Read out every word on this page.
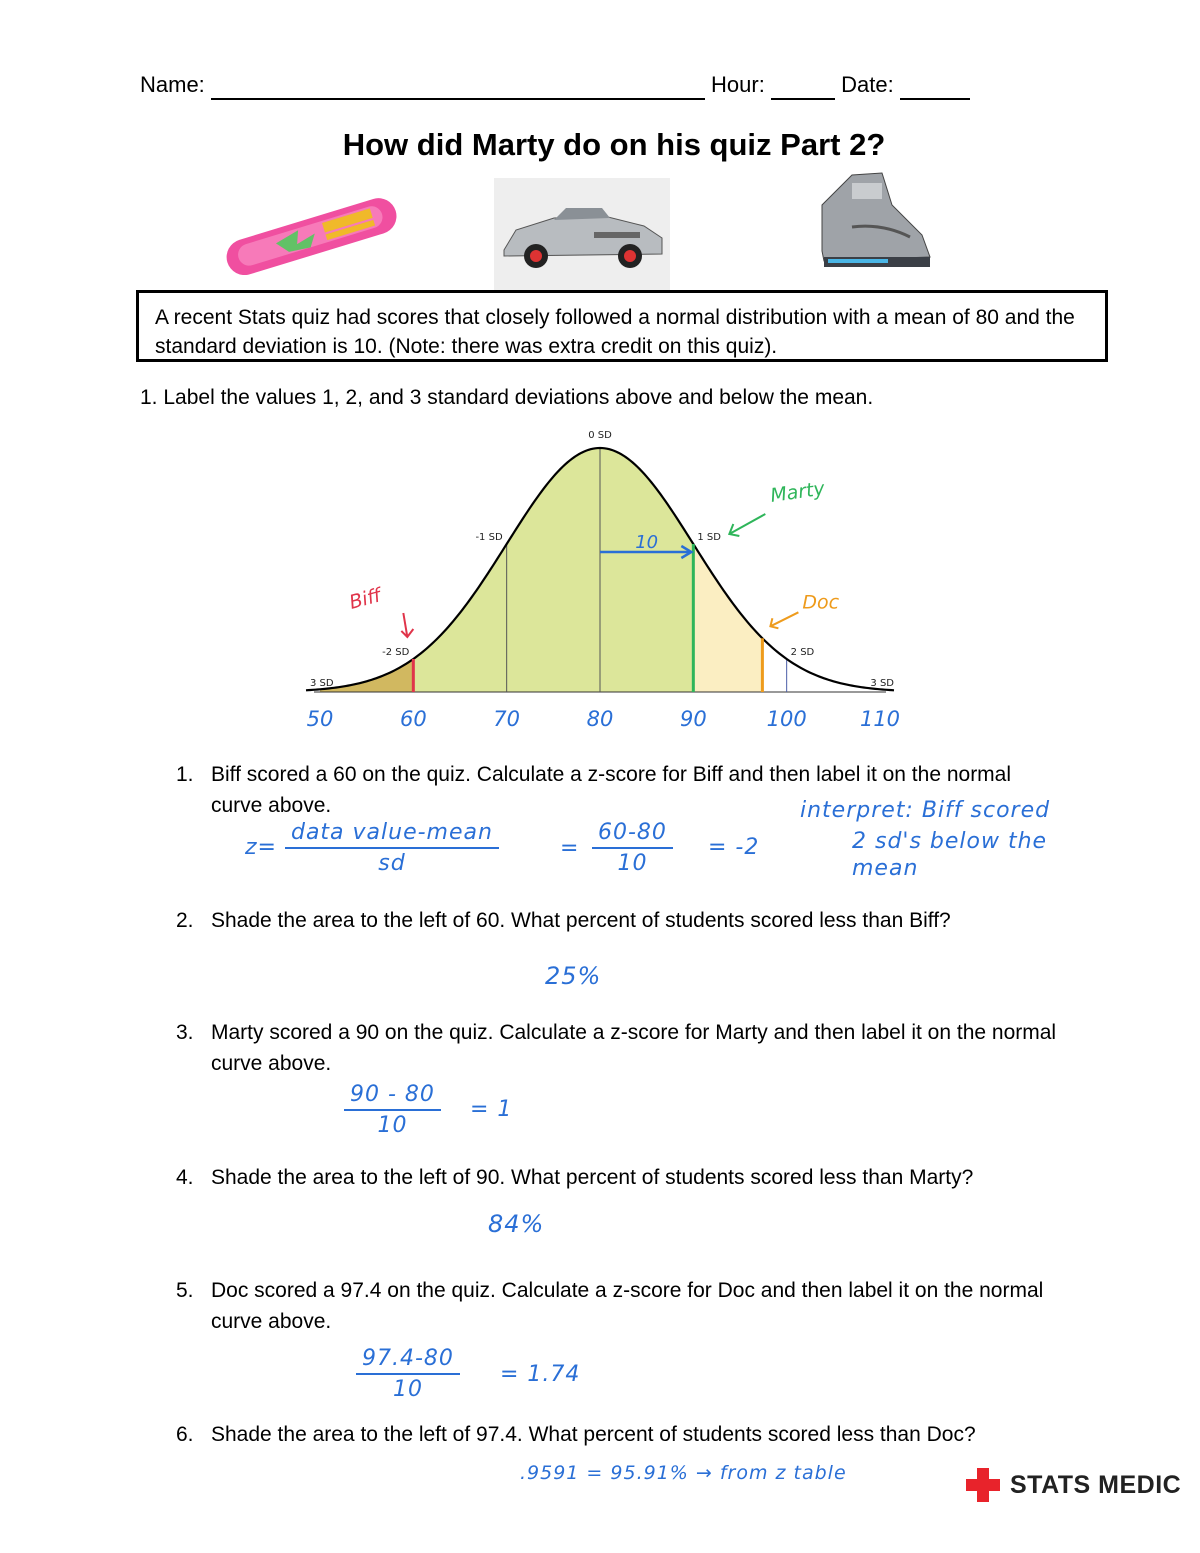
Name:	Hour:	Date:
How did Marty do on his quiz Part 2?
A recent Stats quiz had scores that closely followed a normal distribution with a mean of 80 and the standard deviation is 10. (Note: there was extra credit on this quiz).
1. Label the values 1, 2, and 3 standard deviations above and below the mean.
3 SD
-2 SD
-1 SD
0 SD
1 SD
2 SD
3 SD
50	60	70	80	90	100	110
10
Biff
Marty
Doc
1. Biff scored a 60 on the quiz. Calculate a z-score for Biff and then label it on the normal curve above.
$z= \frac{\text{data value-mean}}{sd}$	= $\frac{60-80}{10} = -2$
interpret: Biff scored
2 sd's below the
mean
2. Shade the area to the left of 60. What percent of students scored less than Biff?
25%
3. Marty scored a 90 on the quiz. Calculate a z-score for Marty and then label it on the normal curve above.
$\frac{90 - 80}{10} = 1$
4. Shade the area to the left of 90. What percent of students scored less than Marty?
84%
5. Doc scored a 97.4 on the quiz. Calculate a z-score for Doc and then label it on the normal curve above.
$\frac{97.4-80}{10} = 1.74$
6. Shade the area to the left of 97.4. What percent of students scored less than Doc?
.9591 = 95.91% → from z table	STATS MEDIC
